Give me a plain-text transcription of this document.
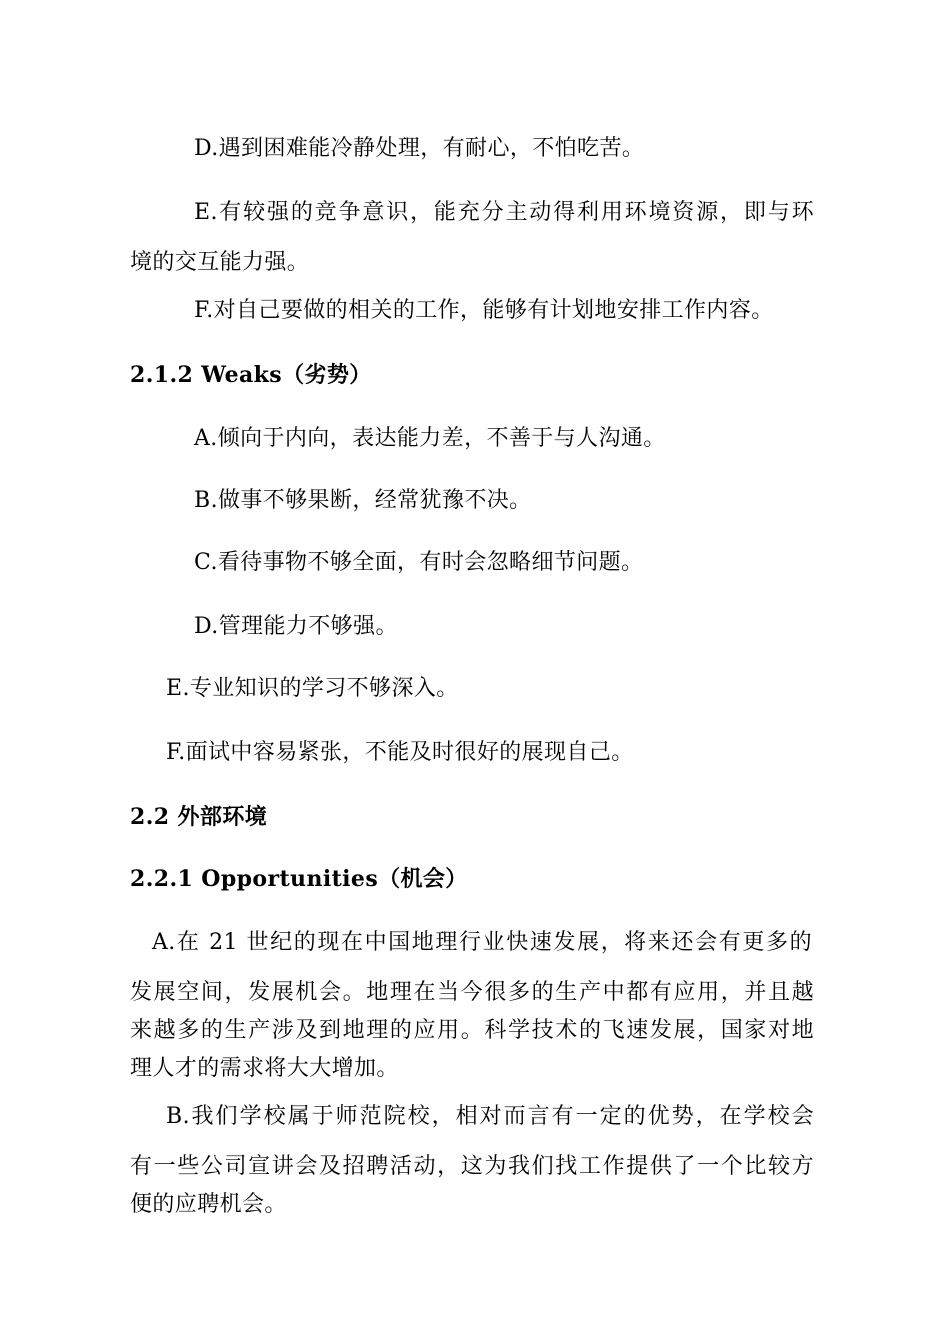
D.遇到困难能冷静处理，有耐心，不怕吃苦。
E.有较强的竞争意识，能充分主动得利用环境资源，即与环
境的交互能力强。
F.对自己要做的相关的工作，能够有计划地安排工作内容。
2.1.2 Weaks（劣势）
A.倾向于内向，表达能力差，不善于与人沟通。
B.做事不够果断，经常犹豫不决。
C.看待事物不够全面，有时会忽略细节问题。
D.管理能力不够强。
E.专业知识的学习不够深入。
F.面试中容易紧张，不能及时很好的展现自己。
2.2 外部环境
2.2.1 Opportunities（机会）
A.在 21 世纪的现在中国地理行业快速发展，将来还会有更多的
发展空间，发展机会。地理在当今很多的生产中都有应用，并且越
来越多的生产涉及到地理的应用。科学技术的飞速发展，国家对地
理人才的需求将大大增加。
B.我们学校属于师范院校，相对而言有一定的优势，在学校会
有一些公司宣讲会及招聘活动，这为我们找工作提供了一个比较方
便的应聘机会。
